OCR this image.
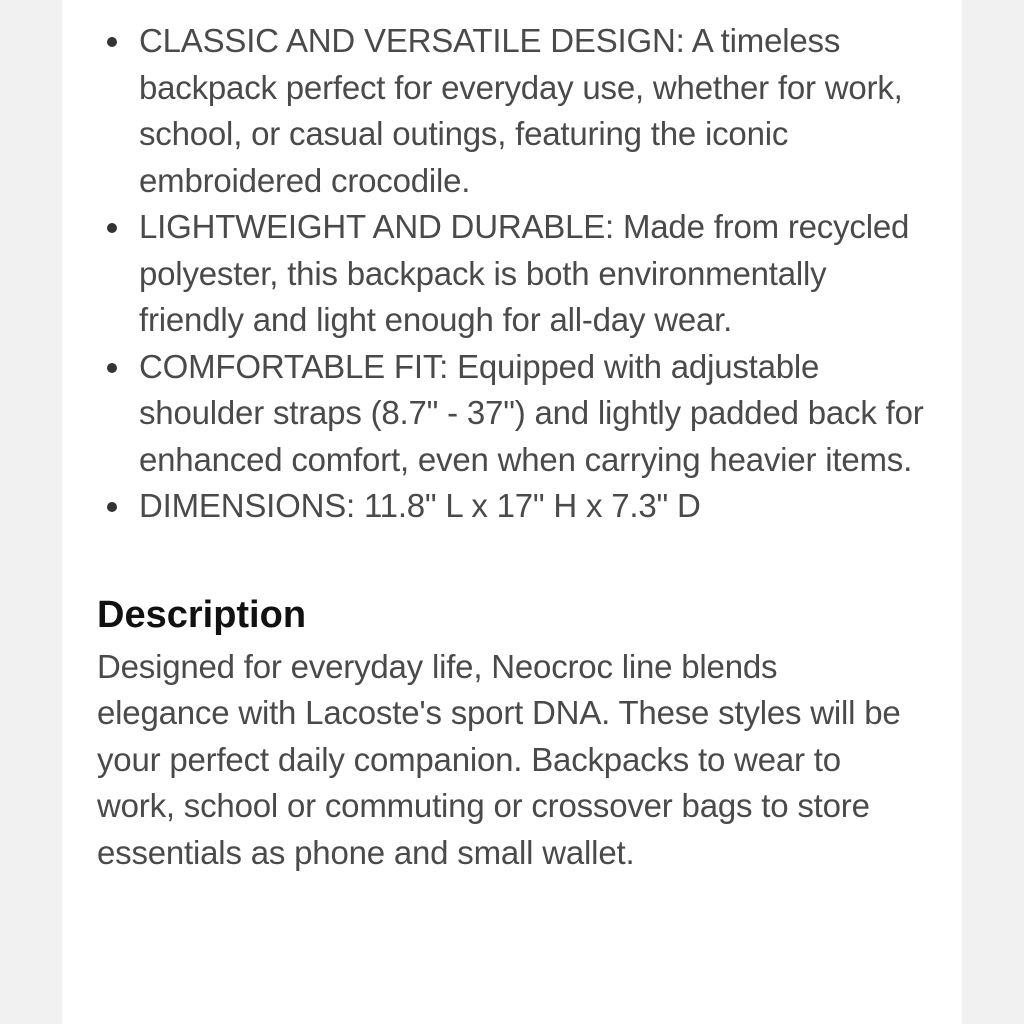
CLASSIC AND VERSATILE DESIGN: A timeless backpack perfect for everyday use, whether for work, school, or casual outings, featuring the iconic embroidered crocodile.
LIGHTWEIGHT AND DURABLE: Made from recycled polyester, this backpack is both environmentally friendly and light enough for all-day wear.
COMFORTABLE FIT: Equipped with adjustable shoulder straps (8.7" - 37") and lightly padded back for enhanced comfort, even when carrying heavier items.
DIMENSIONS: 11.8" L x 17" H x 7.3" D
Description

Designed for everyday life, Neocroc line blends elegance with Lacoste's sport DNA. These styles will be your perfect daily companion. Backpacks to wear to work, school or commuting or crossover bags to store essentials as phone and small wallet.
